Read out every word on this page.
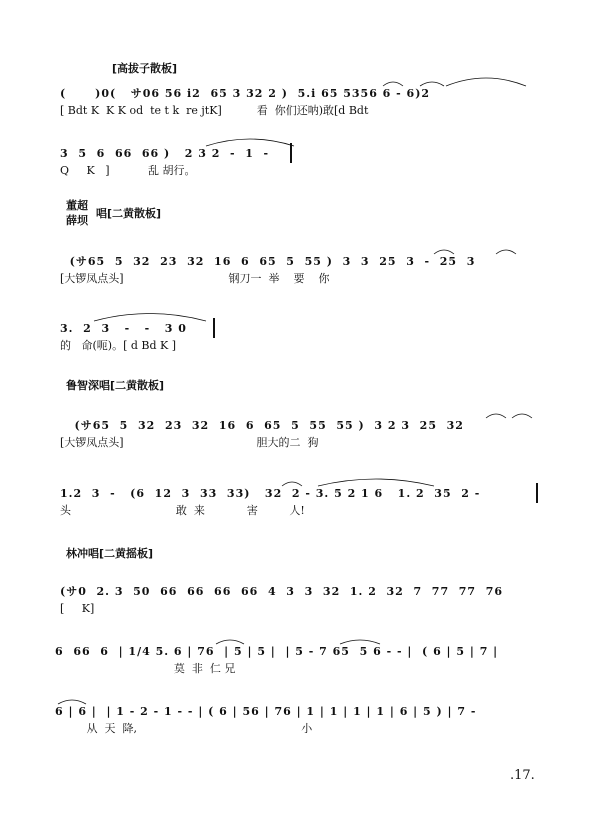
[高拔子散板]
(      )0(   サ06 56 i2  65 3 32 2 )  5.i 65 5356 6 - 6)2
[ Bdt K  K K od  te t k  re jtK]          看  你们还呐)敢[d Bdt
3  5  6  66  66 )   2 3 2  -  1  -
Q     K   ]           乱 胡行。
董超
薛坝
唱[二黄散板]
(サ65  5  32  23  32  16  6  65  5  55 )  3  3  25  3  -  25  3
[大锣凤点头]                              钢刀一  举    要    你
3.  2  3   -   -   3 0
的   命(呃)。[ d Bd K ]
鲁智深唱[二黄散板]
(サ65  5  32  23  32  16  6  65  5  55  55 )  3 2 3  25  32
[大锣凤点头]                                      胆大的二  狗
1.2  3  -   (6  12  3  33  33)   32  2 - 3. 5 2 1 6   1. 2  35  2 -
头                              敢  来            害         人!
林冲唱[二黄摇板]
(サ0  2. 3  50  66  66  66  66  4  3  3  32  1. 2  32  7  77  77  76
[     K]
6  66  6  | 1/4 5. 6 | 76  | 5 | 5 |  | 5 - 7 65  5 6 - - |  ( 6 | 5 | 7 |
莫  非  仁 兄
6 | 6 |  | 1 - 2 - 1 - - | ( 6 | 56 | 76 | 1 | 1 | 1 | 1 | 6 | 5 ) | 7 -
从  天  降,                                               小
.17.
